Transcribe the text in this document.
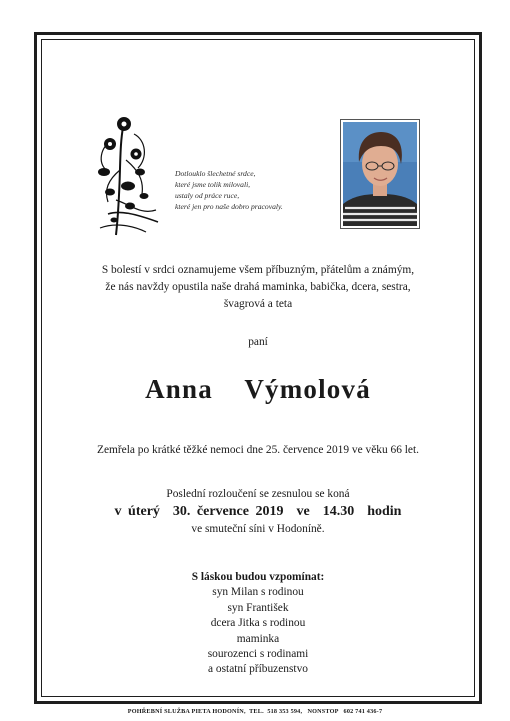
Dotlouklo šlechetné srdce,
které jsme tolik milovali,
ustaly od práce ruce,
které jen pro naše dobro pracovaly.
S bolestí v srdci oznamujeme všem příbuzným, přátelům a známým,
že nás navždy opustila naše drahá maminka, babička, dcera, sestra,
švagrová a teta
paní
Anna  Výmolová
Zemřela po krátké těžké nemoci dne 25. července 2019 ve věku 66 let.
Poslední rozloučení se zesnulou se koná
v úterý  30. července 2019  ve  14.30  hodin
ve smuteční síni v Hodoníně.
S láskou budou vzpomínat:
syn Milan s rodinou
syn František
dcera Jitka s rodinou
maminka
sourozenci s rodinami
a ostatní příbuzenstvo
POHŘEBNÍ SLUŽBA PIETA HODONÍN,  TEL.  518 353 594,   NONSTOP   602 741 436-7
